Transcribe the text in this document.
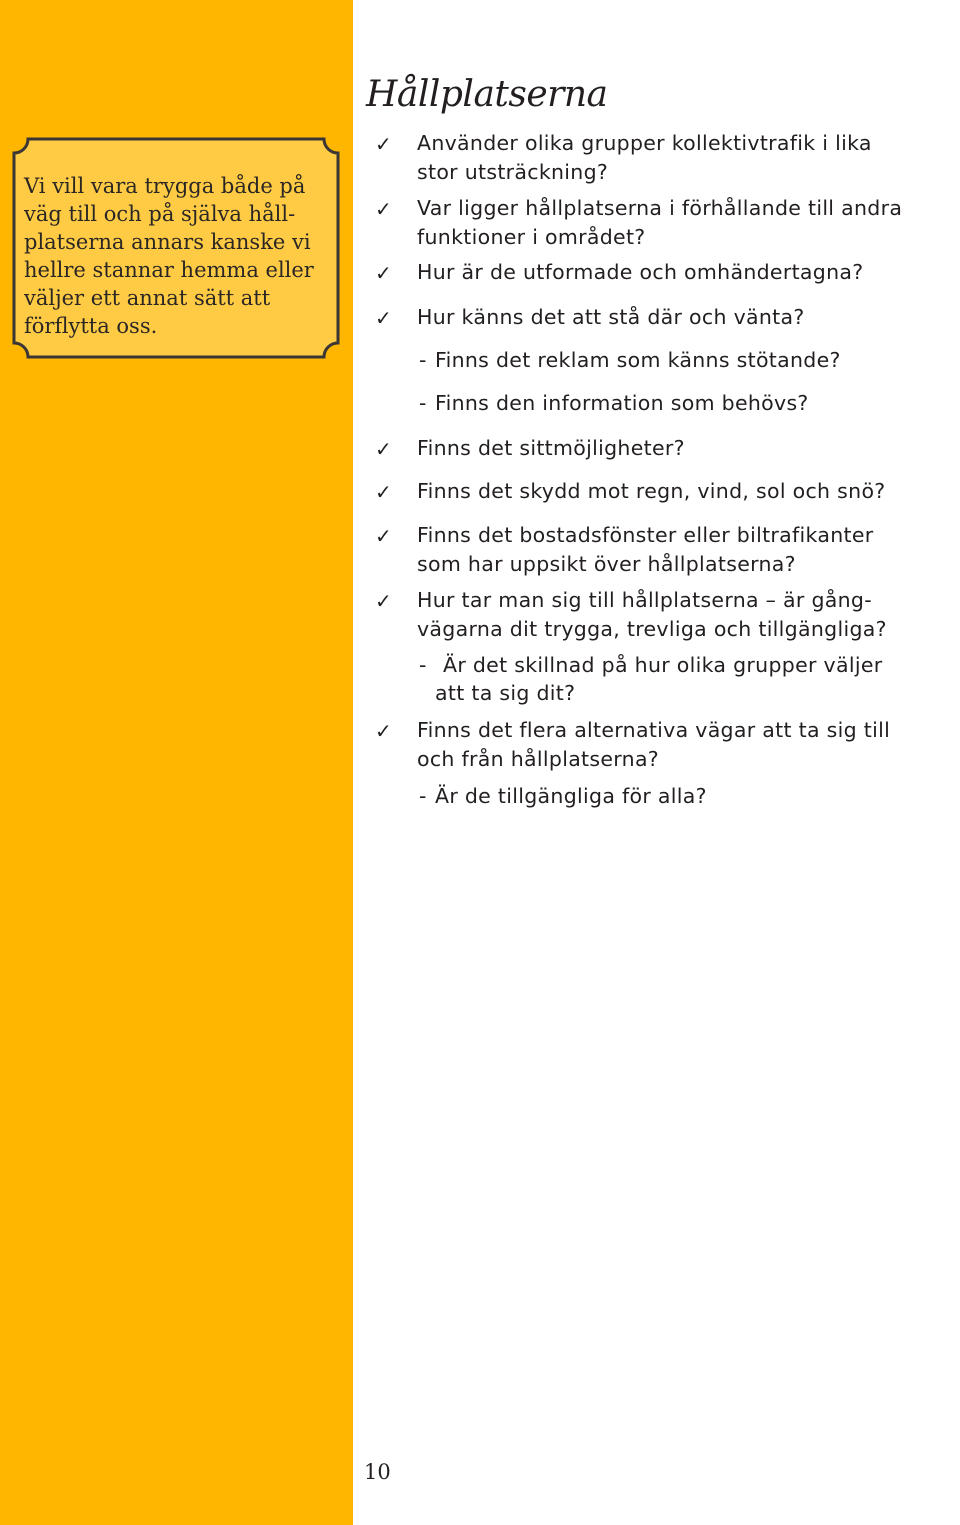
Vi vill vara trygga både på
väg till och på själva håll-
platserna annars kanske vi
hellre stannar hemma eller
väljer ett annat sätt att
förflytta oss.
Hållplatserna
✓ Använder olika grupper kollektivtrafik i lika
stor utsträckning?
✓ Var ligger hållplatserna i förhållande till andra
funktioner i området?
✓ Hur är de utformade och omhändertagna?
✓ Hur känns det att stå där och vänta?
- Finns det reklam som känns stötande?
- Finns den information som behövs?
✓ Finns det sittmöjligheter?
✓ Finns det skydd mot regn, vind, sol och snö?
✓ Finns det bostadsfönster eller biltrafikanter
som har uppsikt över hållplatserna?
✓ Hur tar man sig till hållplatserna – är gång-
vägarna dit trygga, trevliga och tillgängliga?
- Är det skillnad på hur olika grupper väljer
att ta sig dit?
✓ Finns det flera alternativa vägar att ta sig till
och från hållplatserna?
- Är de tillgängliga för alla?
10
